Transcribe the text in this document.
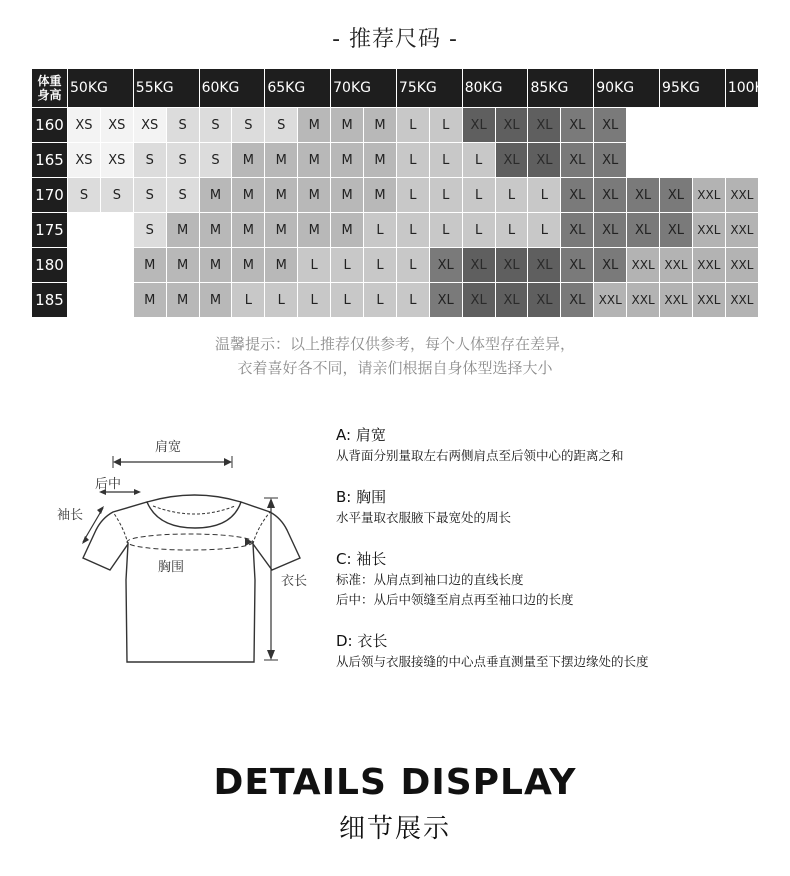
- 推荐尺码 -
体重
身高	50KG		55KG		60KG		65KG		70KG		75KG		80KG		85KG		90KG		95KG		100KG
160	XS	XS	XS	S	S	S	S	M	M	M	L	L	XL	XL	XL	XL	XL				
165	XS	XS	S	S	S	M	M	M	M	M	L	L	L	XL	XL	XL	XL				
170	S	S	S	S	M	M	M	M	M	M	L	L	L	L	L	XL	XL	XL	XL	XXL	XXL
175			S	M	M	M	M	M	M	L	L	L	L	L	L	XL	XL	XL	XL	XXL	XXL
180			M	M	M	M	M	L	L	L	L	XL	XL	XL	XL	XL	XL	XXL	XXL	XXL	XXL
185			M	M	M	L	L	L	L	L	L	XL	XL	XL	XL	XL	XXL	XXL	XXL	XXL	XXL
温馨提示：以上推荐仅供参考，每个人体型存在差异，
衣着喜好各不同，请亲们根据自身体型选择大小
肩宽
后中
袖长
胸围
衣长
A: 肩宽
从背面分别量取左右两侧肩点至后领中心的距离之和
B: 胸围
水平量取衣服腋下最宽处的周长
C: 袖长
标准：从肩点到袖口边的直线长度
后中：从后中领缝至肩点再至袖口边的长度
D: 衣长
从后领与衣服接缝的中心点垂直测量至下摆边缘处的长度
DETAILS DISPLAY
细节展示
